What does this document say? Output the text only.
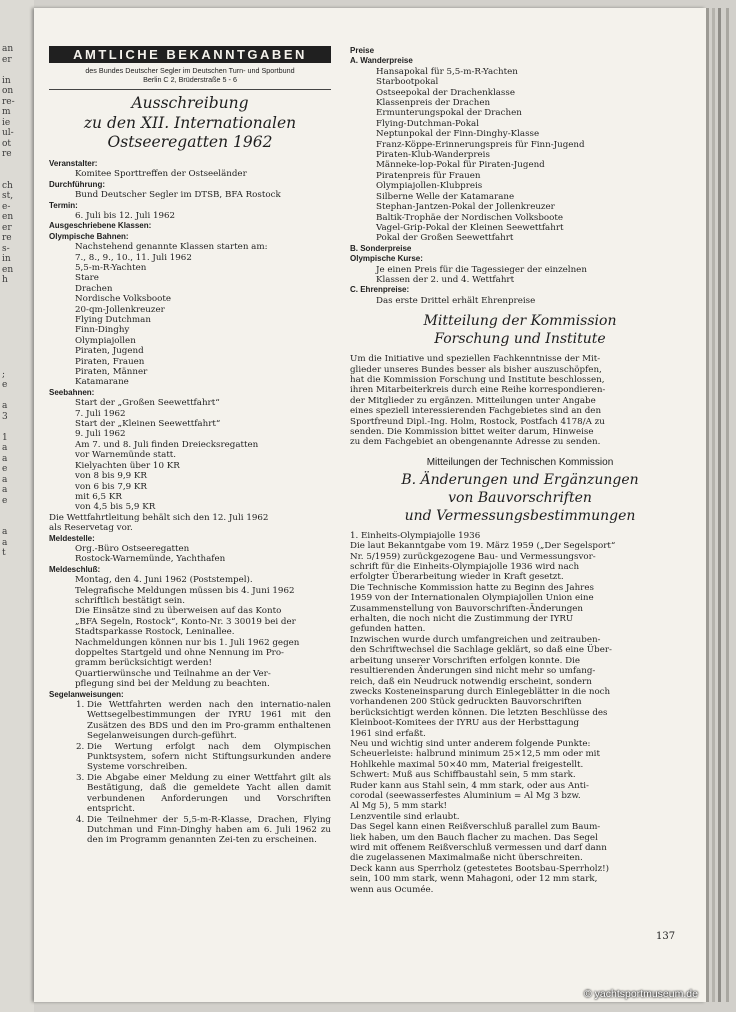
an
er
in
on
re-
m
ie
ul-
ot
re
ch
st,
e-
en
er
re
s-
in
en
h
;
e
a
3
1
a
a
e
a
a
e
a
a
t
AMTLICHE BEKANNTGABEN
des Bundes Deutscher Segler im Deutschen Turn- und Sportbund
Berlin C 2, Brüderstraße 5 - 6
Ausschreibung
zu den XII. Internationalen
Ostseeregatten 1962
Veranstalter:
Komitee Sporttreffen der Ostseeländer
Durchführung:
Bund Deutscher Segler im DTSB, BFA Rostock
Termin:
6. Juli bis 12. Juli 1962
Ausgeschriebene Klassen:
Olympische Bahnen:
Nachstehend genannte Klassen starten am:
7., 8., 9., 10., 11. Juli 1962
5,5-m-R-Yachten
Stare
Drachen
Nordische Volksboote
20-qm-Jollenkreuzer
Flying Dutchman
Finn-Dinghy
Olympiajollen
Piraten, Jugend
Piraten, Frauen
Piraten, Männer
Katamarane
Seebahnen:
Start der „Großen Seewettfahrt“
7. Juli 1962
Start der „Kleinen Seewettfahrt“
9. Juli 1962
Am 7. und 8. Juli finden Dreiecksregatten
vor Warnemünde statt.
Kielyachten über 10 KR
von 8 bis 9,9 KR
von 6 bis 7,9 KR
mit 6,5 KR
von 4,5 bis 5,9 KR
Die Wettfahrtleitung behält sich den 12. Juli 1962
als Reservetag vor.
Meldestelle:
Org.-Büro Ostseeregatten
Rostock-Warnemünde, Yachthafen
Meldeschluß:
Montag, den 4. Juni 1962 (Poststempel).
Telegrafische Meldungen müssen bis 4. Juni 1962
schriftlich bestätigt sein.
Die Einsätze sind zu überweisen auf das Konto
„BFA Segeln, Rostock“, Konto-Nr. 3 30019 bei der
Stadtsparkasse Rostock, Leninallee.
Nachmeldungen können nur bis 1. Juli 1962 gegen
doppeltes Startgeld und ohne Nennung im Pro-
gramm berücksichtigt werden!
Quartierwünsche und Teilnahme an der Ver-
pflegung sind bei der Meldung zu beachten.
Segelanweisungen:
1. Die Wettfahrten werden nach den internatio-nalen Wettsegelbestimmungen der IYRU 1961 mit den Zusätzen des BDS und den im Pro-gramm enthaltenen Segelanweisungen durch-geführt.
2. Die Wertung erfolgt nach dem Olympischen Punktsystem, sofern nicht Stiftungsurkunden andere Systeme vorschreiben.
3. Die Abgabe einer Meldung zu einer Wettfahrt gilt als Bestätigung, daß die gemeldete Yacht allen damit verbundenen Anforderungen und Vorschriften entspricht.
4. Die Teilnehmer der 5,5-m-R-Klasse, Drachen, Flying Dutchman und Finn-Dinghy haben am 6. Juli 1962 zu den im Programm genannten Zei-ten zu erscheinen.
Preise
A. Wanderpreise
Hansapokal für 5,5-m-R-Yachten
Starbootpokal
Ostseepokal der Drachenklasse
Klassenpreis der Drachen
Ermunterungspokal der Drachen
Flying-Dutchman-Pokal
Neptunpokal der Finn-Dinghy-Klasse
Franz-Köppe-Erinnerungspreis für Finn-Jugend
Piraten-Klub-Wanderpreis
Männeke-lop-Pokal für Piraten-Jugend
Piratenpreis für Frauen
Olympiajollen-Klubpreis
Silberne Welle der Katamarane
Stephan-Jantzen-Pokal der Jollenkreuzer
Baltik-Trophäe der Nordischen Volksboote
Vagel-Grip-Pokal der Kleinen Seewettfahrt
Pokal der Großen Seewettfahrt
B. Sonderpreise
Olympische Kurse:
Je einen Preis für die Tagessieger der einzelnen
Klassen der 2. und 4. Wettfahrt
C. Ehrenpreise:
Das erste Drittel erhält Ehrenpreise
Mitteilung der Kommission
Forschung und Institute
Um die Initiative und speziellen Fachkenntnisse der Mit-
glieder unseres Bundes besser als bisher auszuschöpfen,
hat die Kommission Forschung und Institute beschlossen,
ihren Mitarbeiterkreis durch eine Reihe korrespondieren-
der Mitglieder zu ergänzen. Mitteilungen unter Angabe
eines speziell interessierenden Fachgebietes sind an den
Sportfreund Dipl.-Ing. Holm, Rostock, Postfach 4178/A zu
senden. Die Kommission bittet weiter darum, Hinweise
zu dem Fachgebiet an obengenannte Adresse zu senden.
Mitteilungen der Technischen Kommission
B. Änderungen und Ergänzungen
von Bauvorschriften
und Vermessungsbestimmungen
1. Einheits-Olympiajolle 1936
Die laut Bekanntgabe vom 19. März 1959 („Der Segelsport“
Nr. 5/1959) zurückgezogene Bau- und Vermessungsvor-
schrift für die Einheits-Olympiajolle 1936 wird nach
erfolgter Überarbeitung wieder in Kraft gesetzt.
Die Technische Kommission hatte zu Beginn des Jahres
1959 von der Internationalen Olympiajollen Union eine
Zusammenstellung von Bauvorschriften-Änderungen
erhalten, die noch nicht die Zustimmung der IYRU
gefunden hatten.
Inzwischen wurde durch umfangreichen und zeitrauben-
den Schriftwechsel die Sachlage geklärt, so daß eine Über-
arbeitung unserer Vorschriften erfolgen konnte. Die
resultierenden Änderungen sind nicht mehr so umfang-
reich, daß ein Neudruck notwendig erscheint, sondern
zwecks Kosteneinsparung durch Einlegeblätter in die noch
vorhandenen 200 Stück gedruckten Bauvorschriften
berücksichtigt werden können. Die letzten Beschlüsse des
Kleinboot-Komitees der IYRU aus der Herbsttagung
1961 sind erfaßt.
Neu und wichtig sind unter anderem folgende Punkte:
Scheuerleiste: halbrund minimum 25×12,5 mm oder mit
Hohlkehle maximal 50×40 mm, Material freigestellt.
Schwert: Muß aus Schiffbaustahl sein, 5 mm stark.
Ruder kann aus Stahl sein, 4 mm stark, oder aus Anti-
corodal (seewasserfestes Aluminium = Al Mg 3 bzw.
Al Mg 5), 5 mm stark!
Lenzventile sind erlaubt.
Das Segel kann einen Reißverschluß parallel zum Baum-
liek haben, um den Bauch flacher zu machen. Das Segel
wird mit offenem Reißverschluß vermessen und darf dann
die zugelassenen Maximalmaße nicht überschreiten.
Deck kann aus Sperrholz (getestetes Bootsbau-Sperrholz!)
sein, 100 mm stark, wenn Mahagoni, oder 12 mm stark,
wenn aus Ocumée.
137
© yachtsportmuseum.de
